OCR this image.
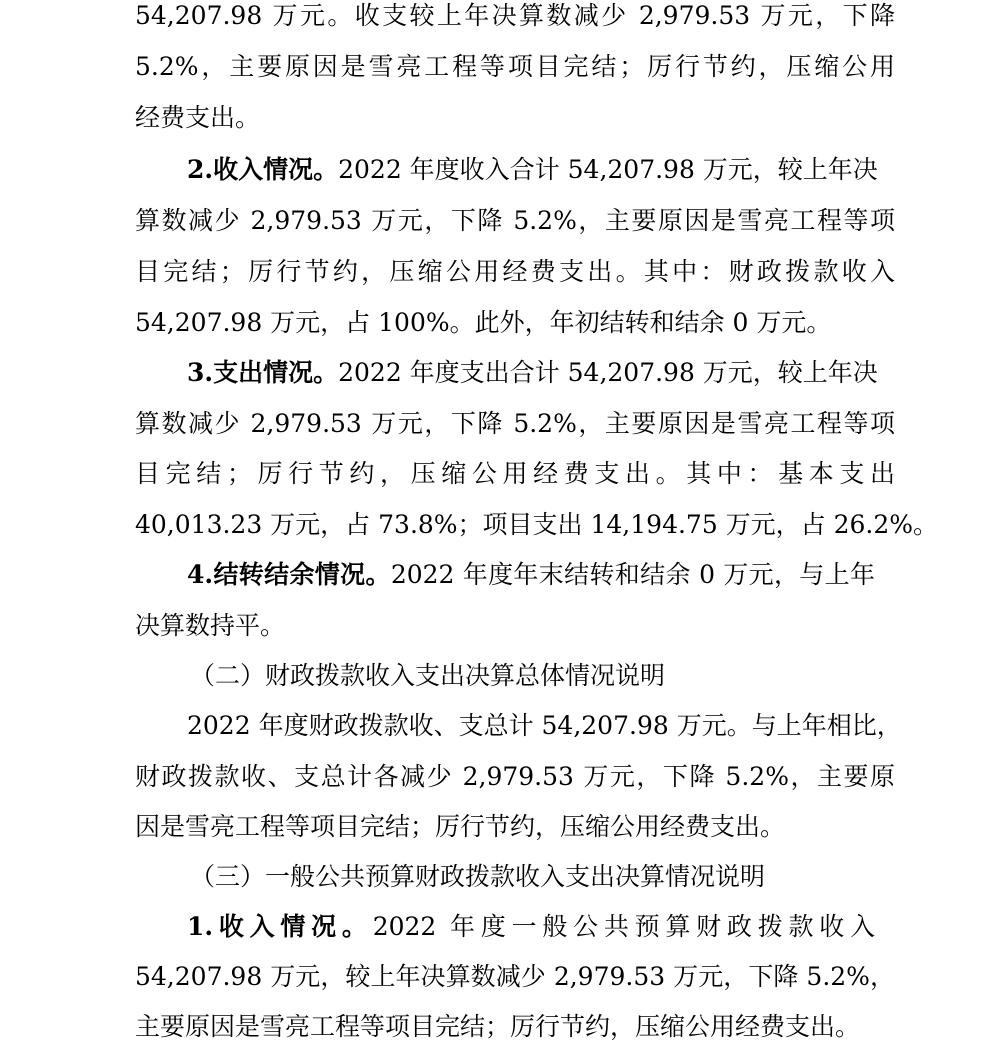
54,207.98 万元。收支较上年决算数减少 2,979.53 万元，下降
5.2%，主要原因是雪亮工程等项目完结；厉行节约，压缩公用
经费支出。
2.收入情况。2022 年度收入合计 54,207.98 万元，较上年决
算数减少 2,979.53 万元，下降 5.2%，主要原因是雪亮工程等项
目完结；厉行节约，压缩公用经费支出。其中：财政拨款收入
54,207.98 万元，占 100%。此外，年初结转和结余 0 万元。
3.支出情况。2022 年度支出合计 54,207.98 万元，较上年决
算数减少 2,979.53 万元，下降 5.2%，主要原因是雪亮工程等项
目完结；厉行节约，压缩公用经费支出。其中：基本支出
40,013.23 万元，占 73.8%；项目支出 14,194.75 万元，占 26.2%。
4.结转结余情况。2022 年度年末结转和结余 0 万元，与上年
决算数持平。
（二）财政拨款收入支出决算总体情况说明
2022 年度财政拨款收、支总计 54,207.98 万元。与上年相比，
财政拨款收、支总计各减少 2,979.53 万元，下降 5.2%，主要原
因是雪亮工程等项目完结；厉行节约，压缩公用经费支出。
（三）一般公共预算财政拨款收入支出决算情况说明
1.收入情况。2022 年度一般公共预算财政拨款收入
54,207.98 万元，较上年决算数减少 2,979.53 万元，下降 5.2%，
主要原因是雪亮工程等项目完结；厉行节约，压缩公用经费支出。
